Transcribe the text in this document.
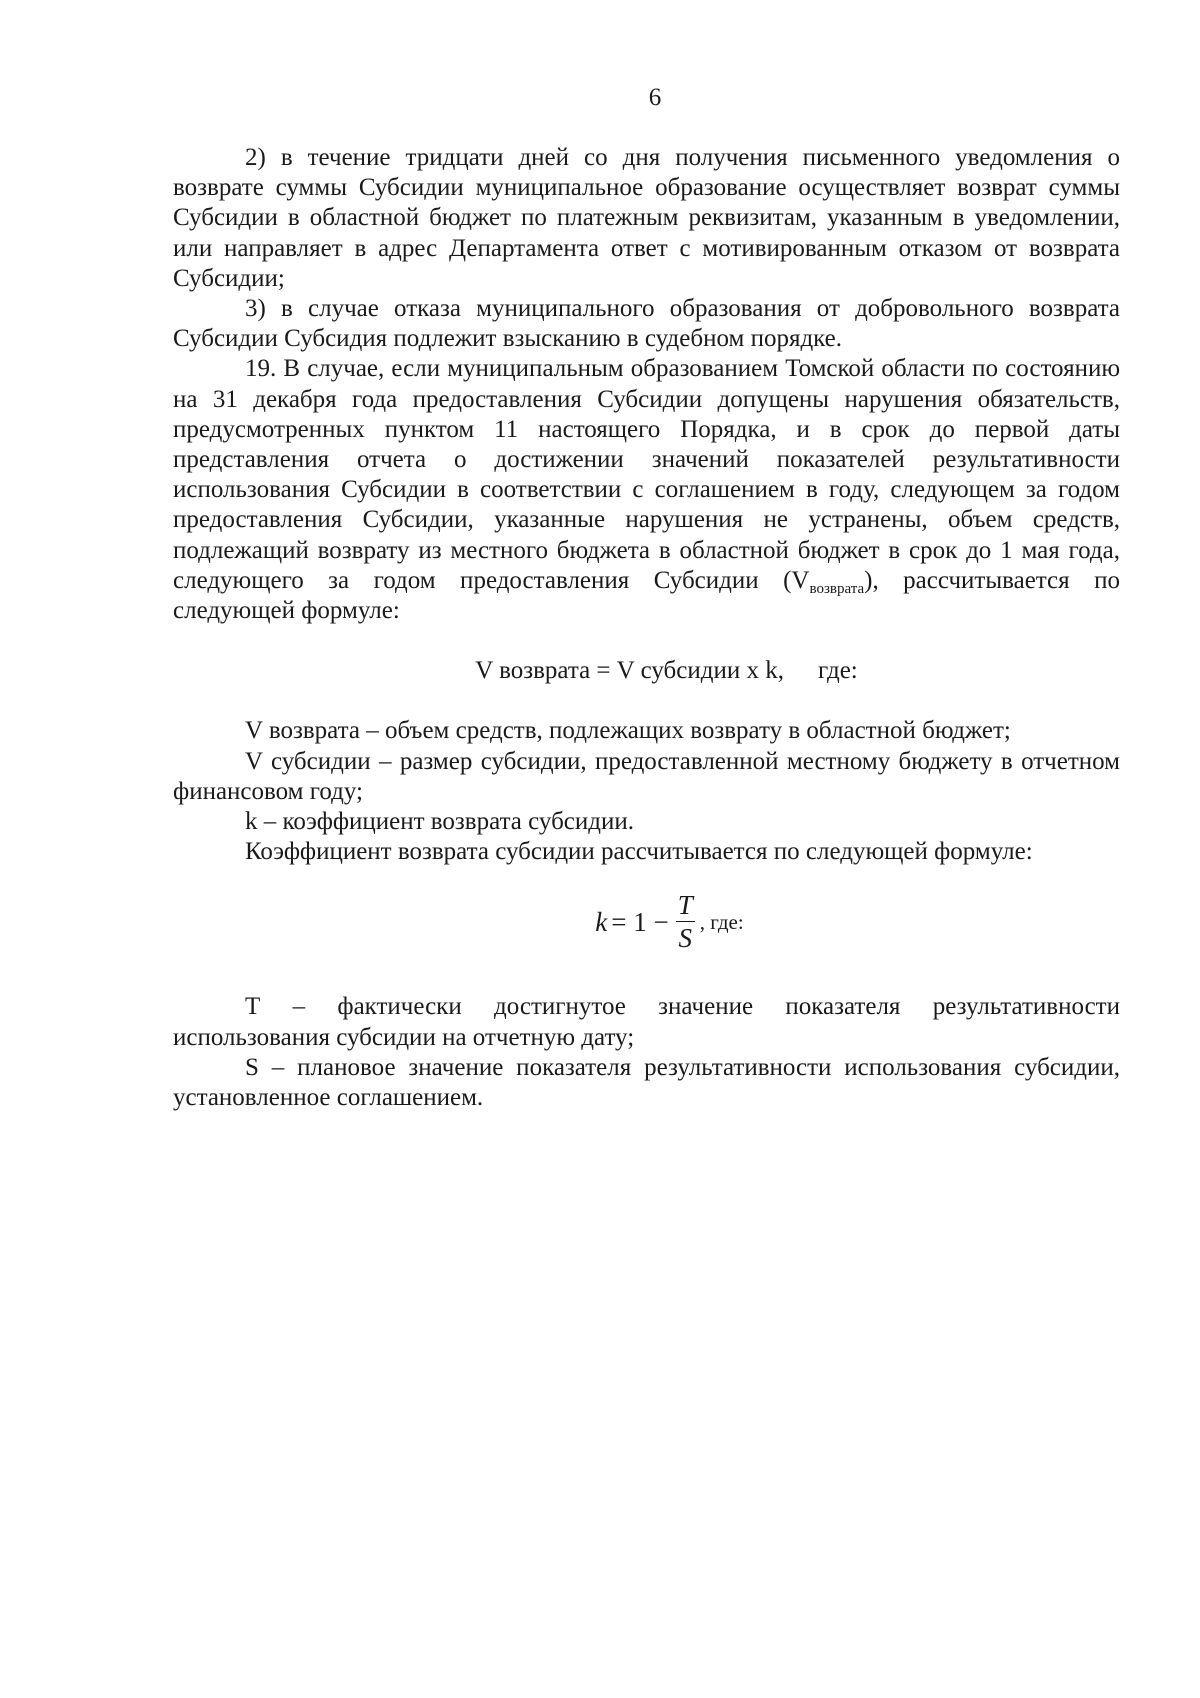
6

2) в течение тридцати дней со дня получения письменного уведомления о возврате суммы Субсидии муниципальное образование осуществляет возврат суммы Субсидии в областной бюджет по платежным реквизитам, указанным в уведомлении, или направляет в адрес Департамента ответ с мотивированным отказом от возврата Субсидии;

3) в случае отказа муниципального образования от добровольного возврата Субсидии Субсидия подлежит взысканию в судебном порядке.

19. В случае, если муниципальным образованием Томской области по состоянию на 31 декабря года предоставления Субсидии допущены нарушения обязательств, предусмотренных пунктом 11 настоящего Порядка, и в срок до первой даты представления отчета о достижении значений показателей результативности использования Субсидии в соответствии с соглашением в году, следующем за годом предоставления Субсидии, указанные нарушения не устранены, объем средств, подлежащий возврату из местного бюджета в областной бюджет в срок до 1 мая года, следующего за годом предоставления Субсидии $(V_{возврата})$, рассчитывается по следующей формуле:

V возврата = V субсидии x k, где:

V возврата – объем средств, подлежащих возврату в областной бюджет;

V субсидии – размер субсидии, предоставленной местному бюджету в отчетном финансовом году;

k – коэффициент возврата субсидии.

Коэффициент возврата субсидии рассчитывается по следующей формуле:

$k = 1 - \frac{T}{S}$ , где:

Т – фактически достигнутое значение показателя результативности использования субсидии на отчетную дату;

S – плановое значение показателя результативности использования субсидии, установленное соглашением.
